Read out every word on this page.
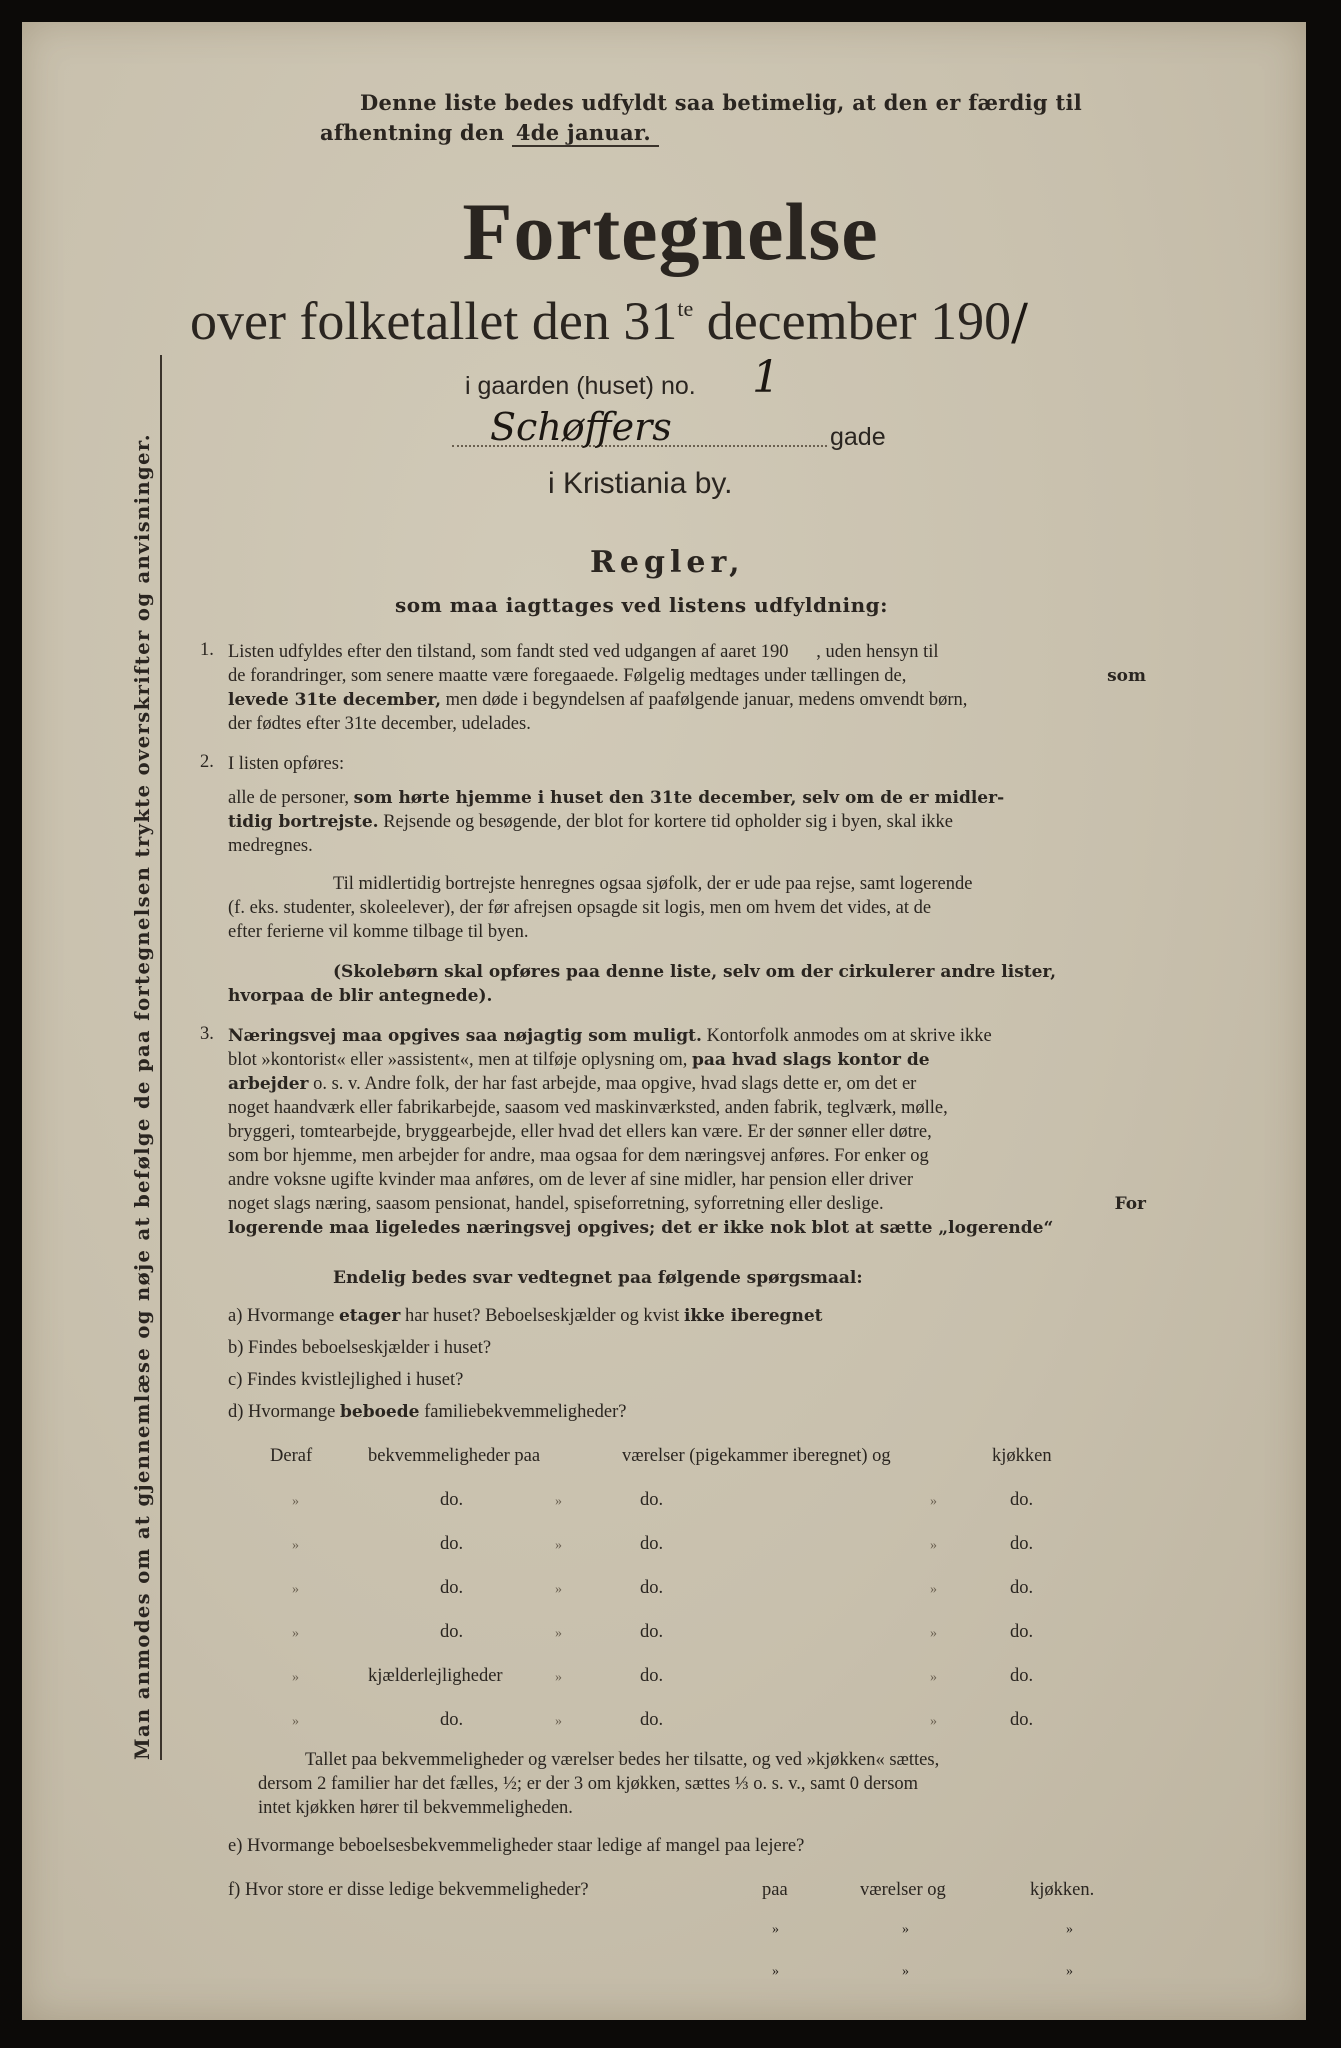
Denne liste bedes udfyldt saa betimelig, at den er færdig til
afhentning den 4de januar.
Fortegnelse
over folketallet den $31^{te}$ december 190/
i gaarden (huset) no. 1
Schøffers	gade
i Kristiania by.
Regler,
som maa iagttages ved listens udfyldning:
1. Listen udfyldes efter den tilstand, som fandt sted ved udgangen af aaret 190      , uden hensyn til
de forandringer, som senere maatte være foregaaede. Følgelig medtages under tællingen de,	som
levede 31te december, men døde i begyndelsen af paafølgende januar, medens omvendt børn,
der fødtes efter 31te december, udelades.
2. I listen opføres:
alle de personer, som hørte hjemme i huset den 31te december, selv om de er midler-
tidig bortrejste. Rejsende og besøgende, der blot for kortere tid opholder sig i byen, skal ikke
medregnes.
Til midlertidig bortrejste henregnes ogsaa sjøfolk, der er ude paa rejse, samt logerende
(f. eks. studenter, skoleelever), der før afrejsen opsagde sit logis, men om hvem det vides, at de
efter ferierne vil komme tilbage til byen.
(Skolebørn skal opføres paa denne liste, selv om der cirkulerer andre lister,
hvorpaa de blir antegnede).
3. Næringsvej maa opgives saa nøjagtig som muligt. Kontorfolk anmodes om at skrive ikke
blot »kontorist« eller »assistent«, men at tilføje oplysning om, paa hvad slags kontor de
arbejder o. s. v. Andre folk, der har fast arbejde, maa opgive, hvad slags dette er, om det er
noget haandværk eller fabrikarbejde, saasom ved maskinværksted, anden fabrik, teglværk, mølle,
bryggeri, tomtearbejde, bryggearbejde, eller hvad det ellers kan være. Er der sønner eller døtre,
som bor hjemme, men arbejder for andre, maa ogsaa for dem næringsvej anføres. For enker og
andre voksne ugifte kvinder maa anføres, om de lever af sine midler, har pension eller driver
noget slags næring, saasom pensionat, handel, spiseforretning, syforretning eller deslige.	For
logerende maa ligeledes næringsvej opgives; det er ikke nok blot at sætte „logerende“
Endelig bedes svar vedtegnet paa følgende spørgsmaal:
a) Hvormange etager har huset? Beboelseskjælder og kvist ikke iberegnet
b) Findes beboelseskjælder i huset?
c) Findes kvistlejlighed i huset?
d) Hvormange beboede familiebekvemmeligheder?
Deraf	bekvemmeligheder paa	værelser (pigekammer iberegnet) og	kjøkken
»	do.	»	do.	»	do.
»	do.	»	do.	»	do.
»	do.	»	do.	»	do.
»	do.	»	do.	»	do.
»	kjælderlejligheder	»	do.	»	do.
»	do.	»	do.	»	do.
Tallet paa bekvemmeligheder og værelser bedes her tilsatte, og ved »kjøkken« sættes,
dersom 2 familier har det fælles, ½; er der 3 om kjøkken, sættes ⅓ o. s. v., samt 0 dersom
intet kjøkken hører til bekvemmeligheden.
e) Hvormange beboelsesbekvemmeligheder staar ledige af mangel paa lejere?
f) Hvor store er disse ledige bekvemmeligheder?	paa	værelser og	kjøkken.
»	»	»
»	»	»
Man anmodes om at gjennemlæse og nøje at befølge de paa fortegnelsen trykte overskrifter og anvisninger.
